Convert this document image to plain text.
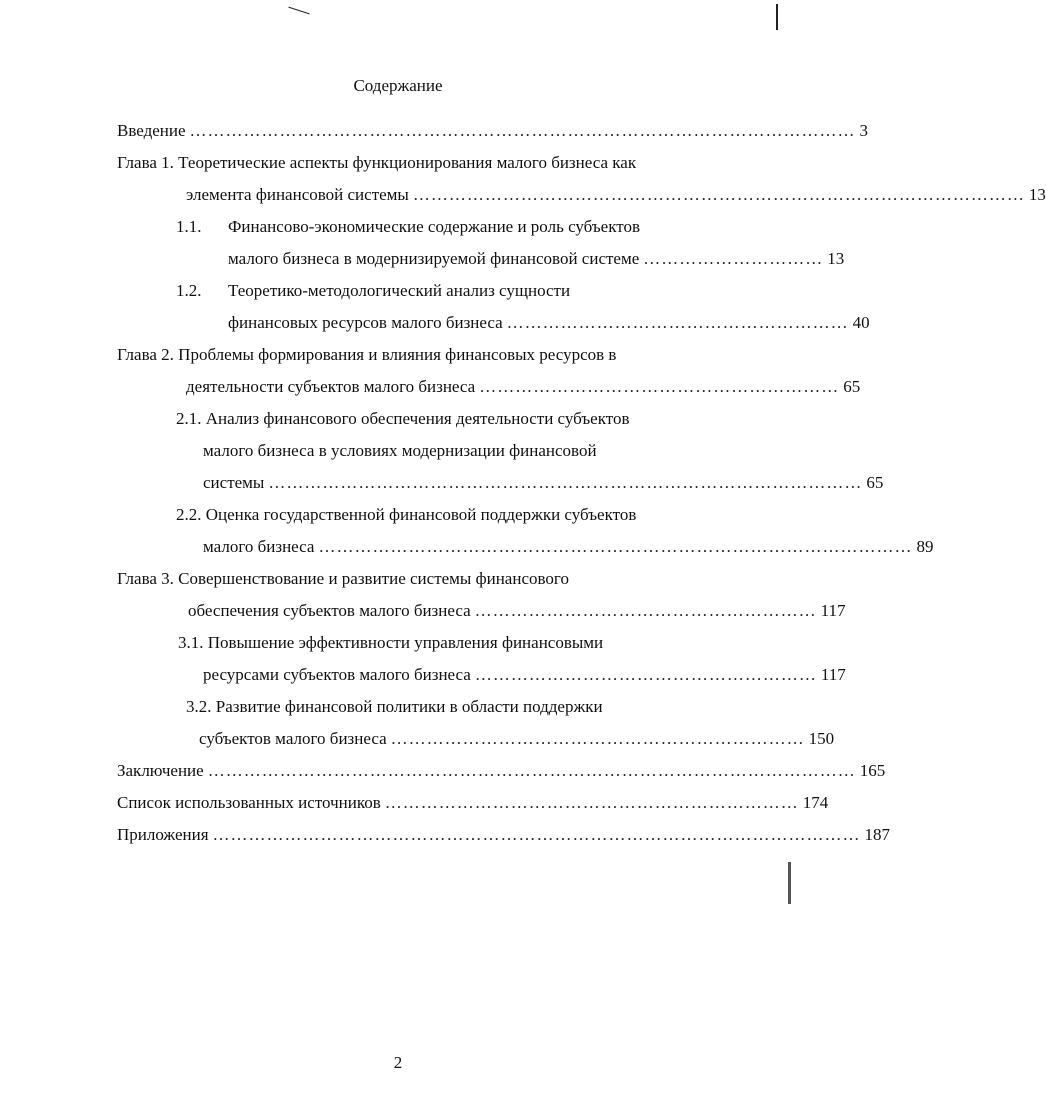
Содержание
Введение ………………………………………………………………………………………………… 3
Глава 1. Теоретические аспекты функционирования малого бизнеса как
элемента финансовой системы ………………………………………………………………………………………… 13
1.1. Финансово-экономические содержание и роль субъектов
малого бизнеса в модернизируемой финансовой системе ………………………… 13
1.2. Теоретико-методологический анализ сущности
финансовых ресурсов малого бизнеса ………………………………………………… 40
Глава 2. Проблемы формирования и влияния финансовых ресурсов в
деятельности субъектов малого бизнеса …………………………………………………… 65
2.1. Анализ финансового обеспечения деятельности субъектов
малого бизнеса в условиях модернизации финансовой
системы ……………………………………………………………………………………… 65
2.2. Оценка государственной финансовой поддержки субъектов
малого бизнеса ……………………………………………………………………………………… 89
Глава 3. Совершенствование и развитие системы финансового
обеспечения субъектов малого бизнеса ………………………………………………… 117
3.1. Повышение эффективности управления финансовыми
ресурсами субъектов малого бизнеса ………………………………………………… 117
3.2. Развитие финансовой политики в области поддержки
субъектов малого бизнеса …………………………………………………………… 150
Заключение ……………………………………………………………………………………………… 165
Список использованных источников …………………………………………………………… 174
Приложения ……………………………………………………………………………………………… 187
2
